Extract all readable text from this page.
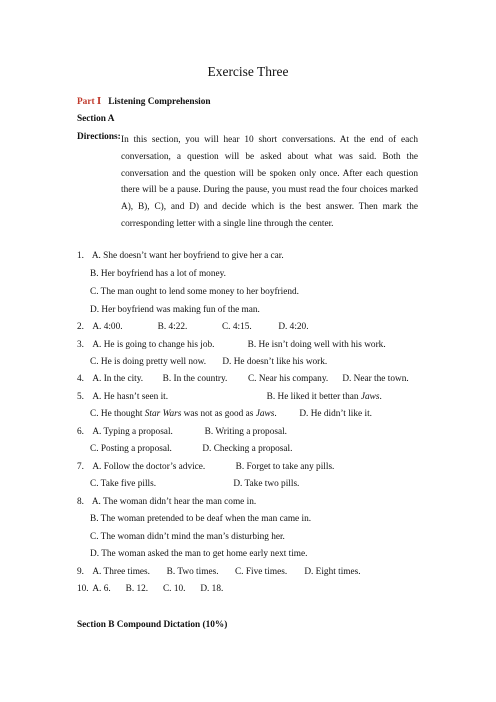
Exercise Three
Part Ⅰ Listening Comprehension
Section A
Directions: In this section, you will hear 10 short conversations. At the end of each conversation, a question will be asked about what was said. Both the conversation and the question will be spoken only once. After each question there will be a pause. During the pause, you must read the four choices marked A), B), C), and D) and decide which is the best answer. Then mark the corresponding letter with a single line through the center.
1. A. She doesn’t want her boyfriend to give her a car.
B. Her boyfriend has a lot of money.
C. The man ought to lend some money to her boyfriend.
D. Her boyfriend was making fun of the man.
2. A. 4:00.	B. 4:22.	C. 4:15.	D. 4:20.
3. A. He is going to change his job.	B. He isn’t doing well with his work.
C. He is doing pretty well now. D. He doesn’t like his work.
4. A. In the city. B. In the country. C. Near his company. D. Near the town.
5. A. He hasn’t seen it.	B. He liked it better than Jaws.
C. He thought Star Wars was not as good as Jaws. D. He didn’t like it.
6. A. Typing a proposal.	B. Writing a proposal.
C. Posting a proposal.	D. Checking a proposal.
7. A. Follow the doctor’s advice.	B. Forget to take any pills.
C. Take five pills.	D. Take two pills.
8. A. The woman didn’t hear the man come in.
B. The woman pretended to be deaf when the man came in.
C. The woman didn’t mind the man’s disturbing her.
D. The woman asked the man to get home early next time.
9. A. Three times. B. Two times. C. Five times. D. Eight times.
10. A. 6. B. 12. C. 10. D. 18.
Section B Compound Dictation (10%)
